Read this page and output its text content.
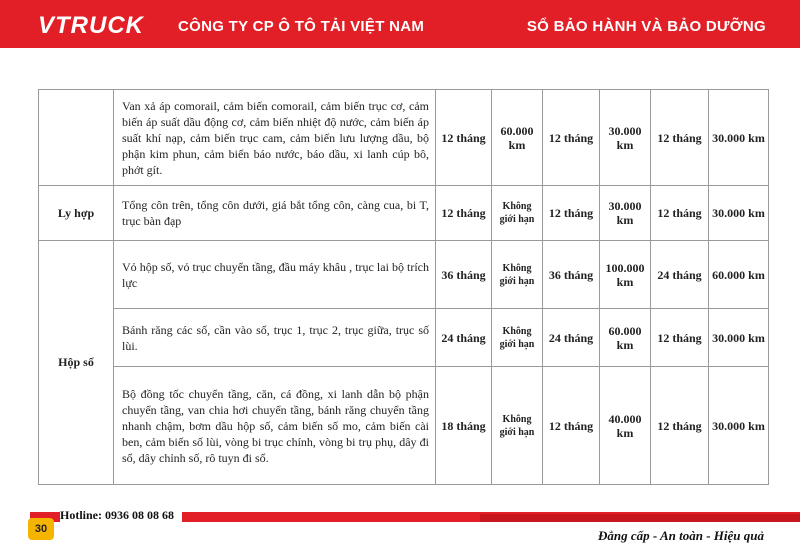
VTRUCK CÔNG TY CP Ô TÔ TẢI VIỆT NAM	SỔ BẢO HÀNH VÀ BẢO DƯỠNG
	Van xả áp comorail, cảm biến comorail, cảm biến trục cơ, cảm biến áp suất dầu động cơ, cảm biến nhiệt độ nước, cảm biến áp suất khí nạp, cảm biến trục cam, cảm biến lưu lượng dầu, bộ phận kim phun, cảm biến báo nước, báo dầu, xi lanh cúp bô, phớt gít.	12 tháng	60.000 km	12 tháng	30.000 km	12 tháng	30.000 km
Ly hợp	Tổng côn trên, tổng côn dưới, giá bắt tổng côn, càng cua, bi T, trục bàn đạp	12 tháng	Không giới hạn	12 tháng	30.000 km	12 tháng	30.000 km
Hộp số	Vỏ hộp số, vỏ trục chuyển tầng, đầu máy khâu , trục lai bộ trích lực	36 tháng	Không giới hạn	36 tháng	100.000 km	24 tháng	60.000 km
	Bánh răng các số, cần vào số, trục 1, trục 2, trục giữa, trục số lùi.	24 tháng	Không giới hạn	24 tháng	60.000 km	12 tháng	30.000 km
	Bộ đồng tốc chuyển tầng, căn, cá đồng, xi lanh dẫn bộ phận chuyển tầng, van chia hơi chuyển tầng, bánh răng chuyển tầng nhanh chậm, bơm dầu hộp số, cảm biến số mo, cảm biến cài ben, cảm biến số lùi, vòng bi trục chính, vòng bi trụ phụ, dây đi số, dây chỉnh số, rô tuyn đi số.	18 tháng	Không giới hạn	12 tháng	40.000 km	12 tháng	30.000 km
30
Hotline: 0936 08 08 68
Đẳng cấp - An toàn - Hiệu quả
